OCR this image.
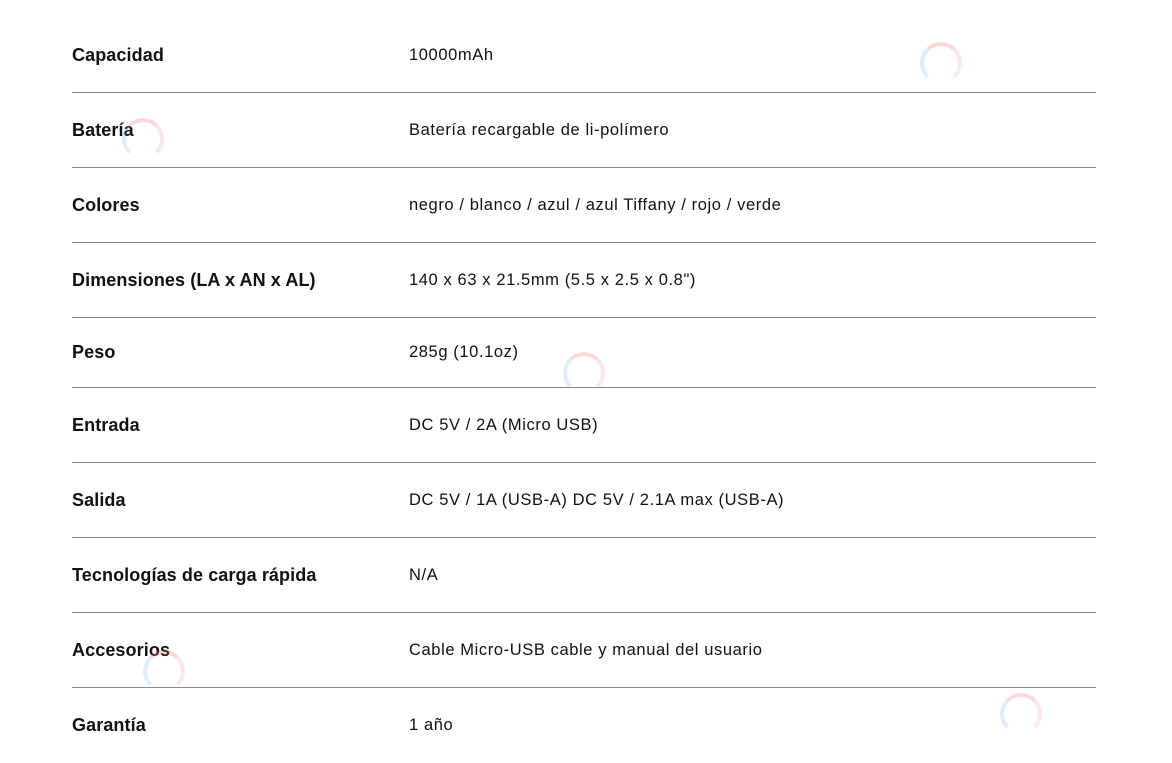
Capacidad	10000mAh
Batería	Batería recargable de li-polímero
Colores	negro / blanco / azul / azul Tiffany / rojo / verde
Dimensiones (LA x AN x AL)	140 x 63 x 21.5mm (5.5 x 2.5 x 0.8")
Peso	285g (10.1oz)
Entrada	DC 5V / 2A (Micro USB)
Salida	DC 5V / 1A (USB-A) DC 5V / 2.1A max (USB-A)
Tecnologías de carga rápida	N/A
Accesorios	Cable Micro-USB cable y manual del usuario
Garantía	1 año
